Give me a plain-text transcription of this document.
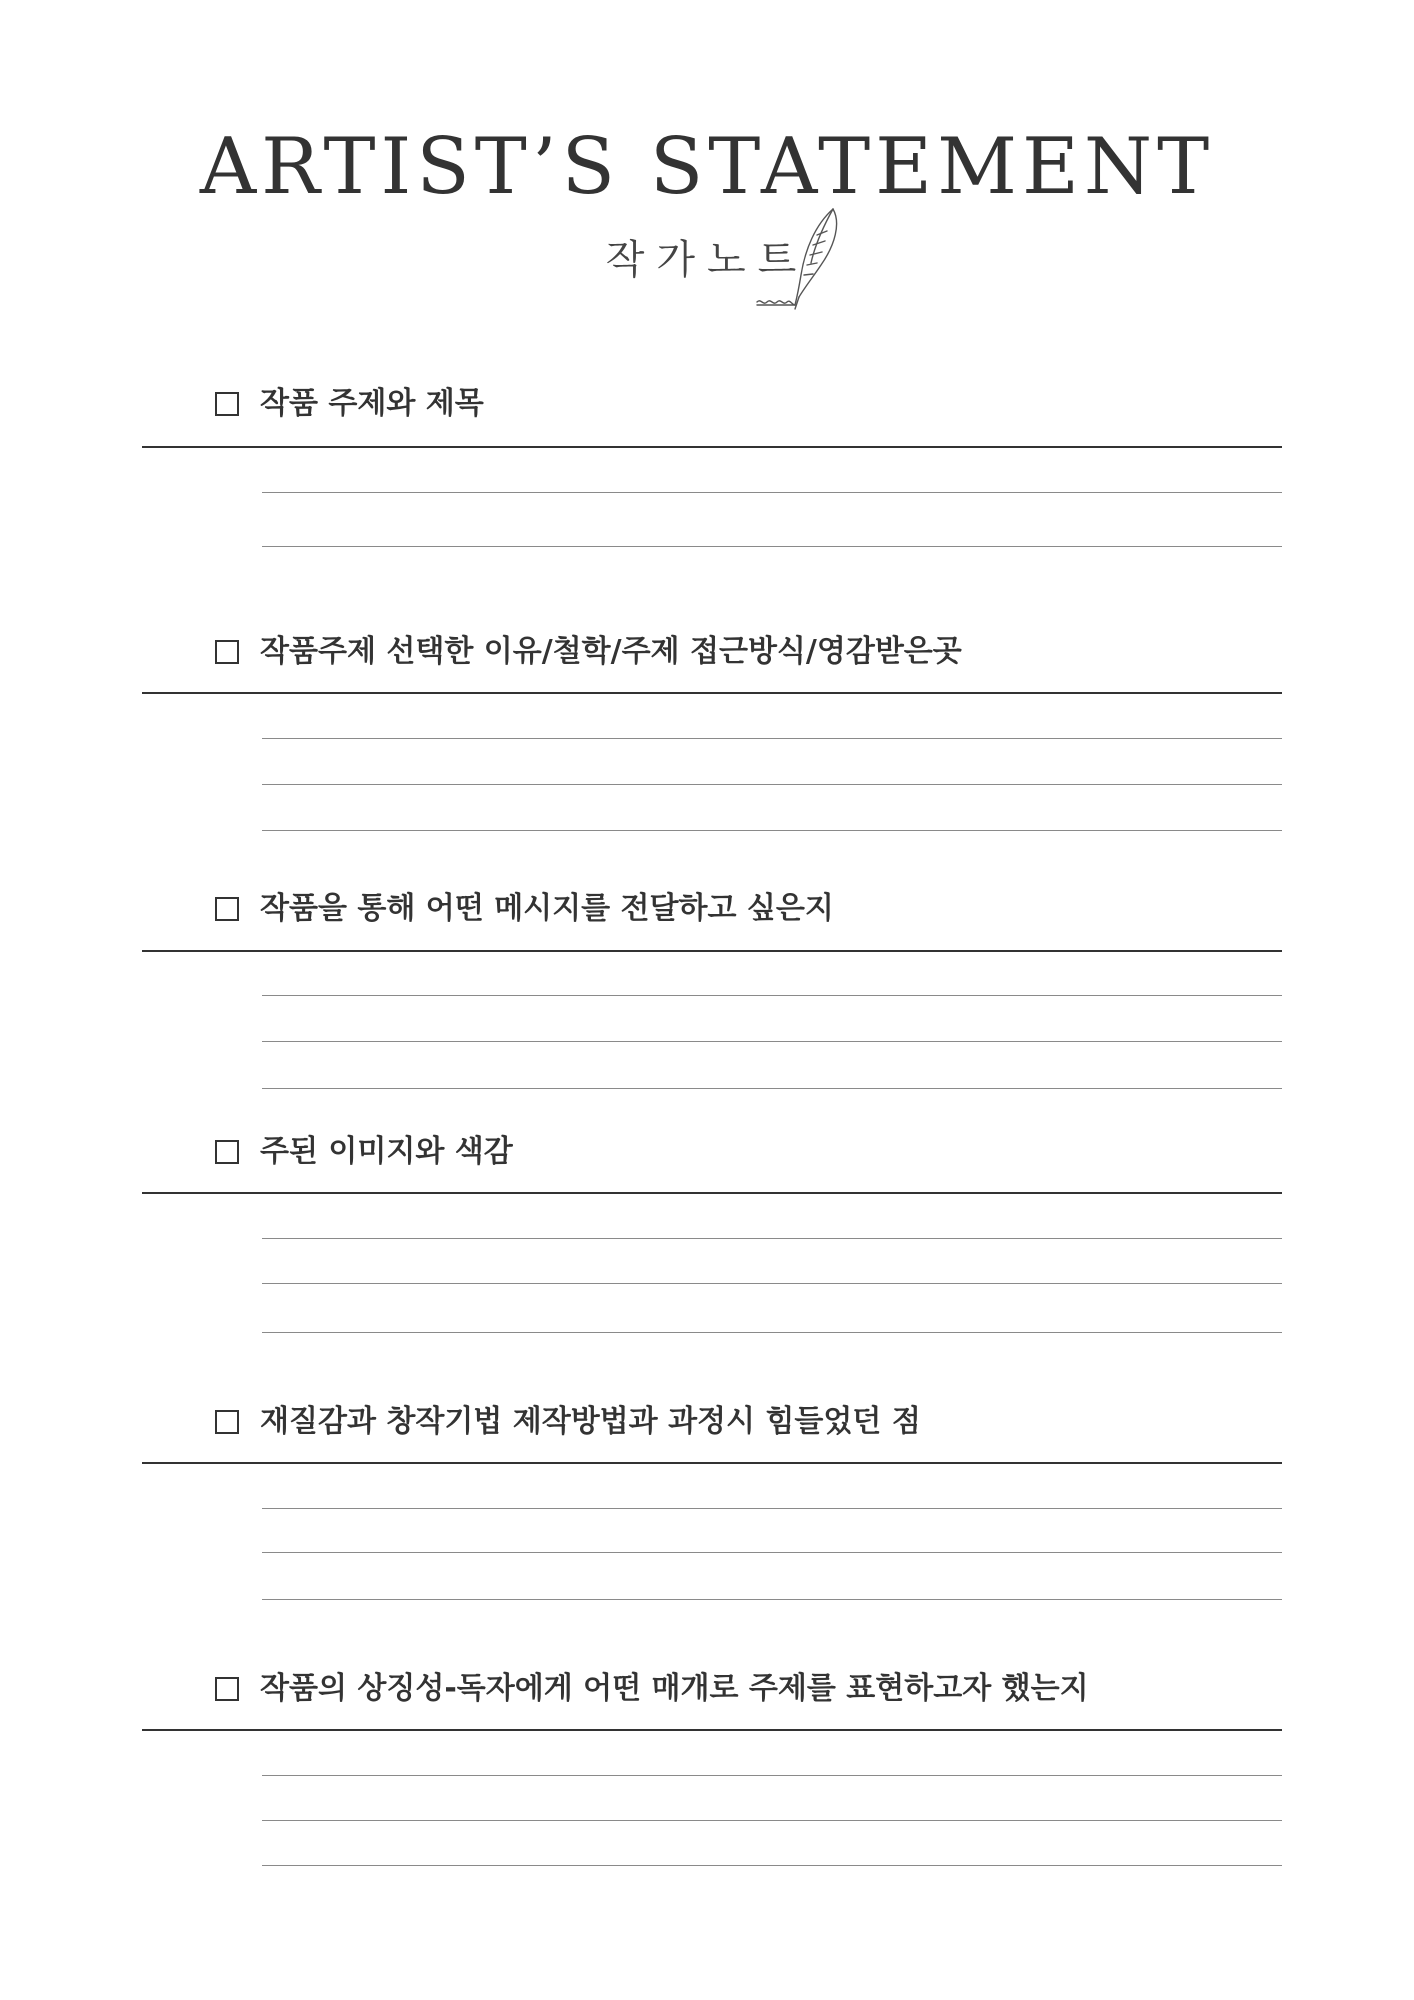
ARTIST’S STATEMENT
작가노트
작품 주제와 제목
작품주제 선택한 이유/철학/주제 접근방식/영감받은곳
작품을 통해 어떤 메시지를 전달하고 싶은지
주된 이미지와 색감
재질감과 창작기법 제작방법과 과정시 힘들었던 점
작품의 상징성-독자에게 어떤 매개로 주제를 표현하고자 했는지
